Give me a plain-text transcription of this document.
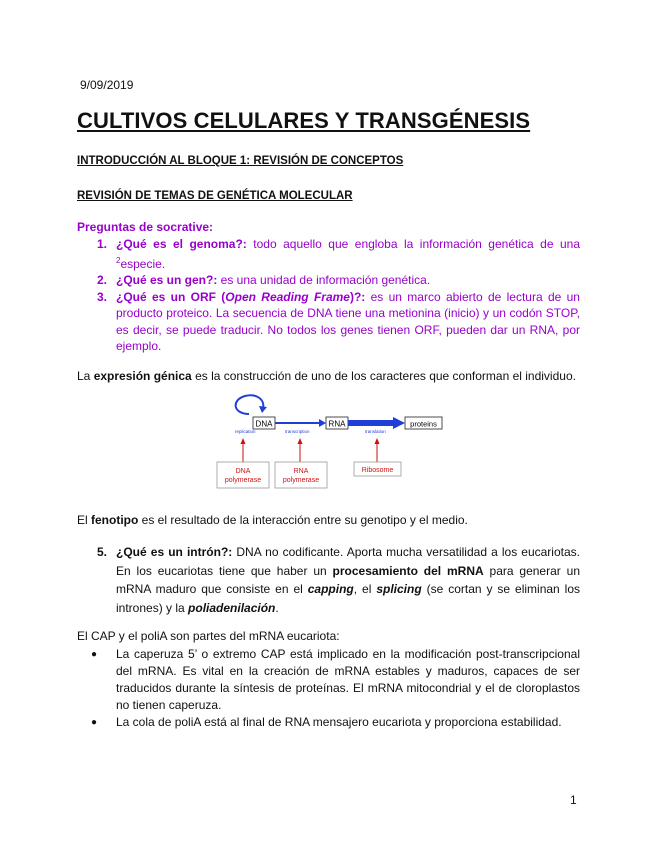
9/09/2019
CULTIVOS CELULARES Y TRANSGÉNESIS
INTRODUCCIÓN AL BLOQUE 1: REVISIÓN DE CONCEPTOS
REVISIÓN DE TEMAS DE GENÉTICA MOLECULAR
Preguntas de socrative:
1. ¿Qué es el genoma?: todo aquello que engloba la información genética de una $^2$especie.
2. ¿Qué es un gen?: es una unidad de información genética.
3. ¿Qué es un ORF (Open Reading Frame)?: es un marco abierto de lectura de un producto proteico. La secuencia de DNA tiene una metionina (inicio) y un codón STOP, es decir, se puede traducir. No todos los genes tienen ORF, pueden dar un RNA, por ejemplo.

La expresión génica es la construcción de uno de los caracteres que conforman el individuo.

DNA	RNA	proteins
replication	transcription	translation
DNA
polymerase
RNA
polymerase
Ribosome

El fenotipo es el resultado de la interacción entre su genotipo y el medio.

5. ¿Qué es un intrón?: DNA no codificante. Aporta mucha versatilidad a los eucariotas. En los eucariotas tiene que haber un procesamiento del mRNA para generar un mRNA maduro que consiste en el capping, el splicing (se cortan y se eliminan los intrones) y la poliadenilación.

El CAP y el poliA son partes del mRNA eucariota:

● La caperuza 5’ o extremo CAP está implicado en la modificación post-transcripcional del mRNA. Es vital en la creación de mRNA estables y maduros, capaces de ser traducidos durante la síntesis de proteínas. El mRNA mitocondrial y el de cloroplastos no tienen caperuza.
● La cola de poliA está al final de RNA mensajero eucariota y proporciona estabilidad.
1
